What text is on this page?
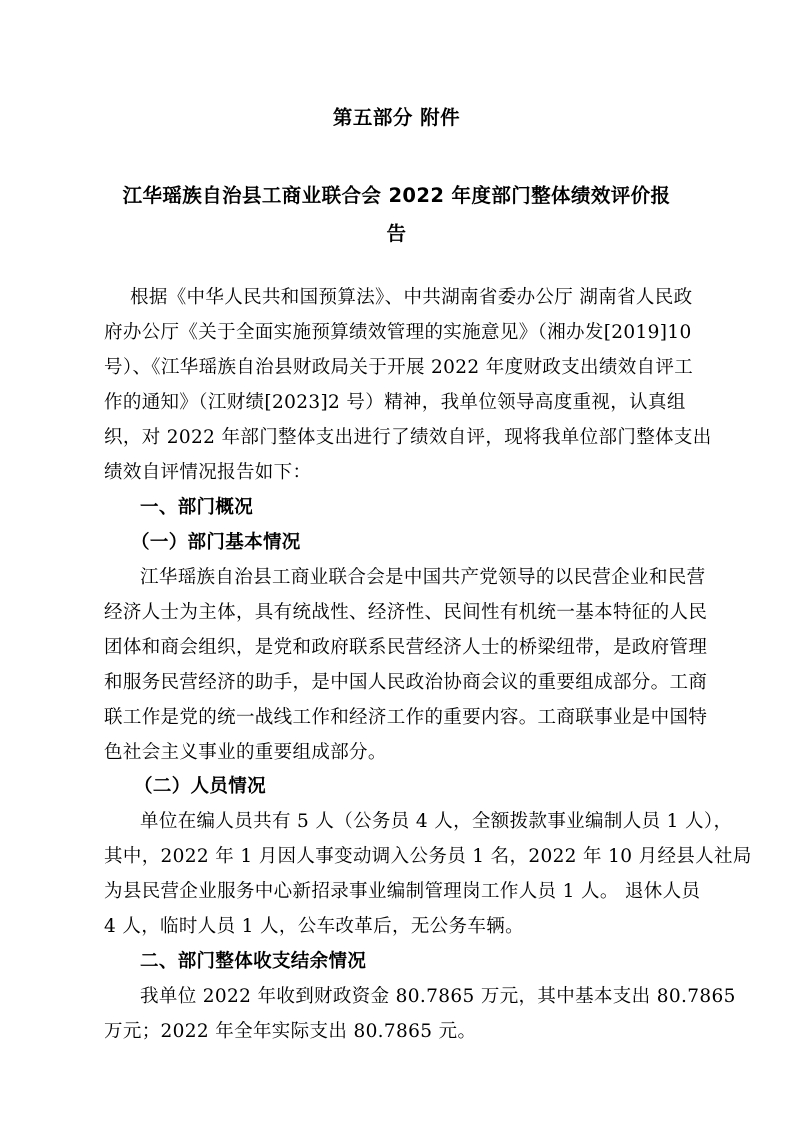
第五部分 附件
江华瑶族自治县工商业联合会 2022 年度部门整体绩效评价报
告
根据《中华人民共和国预算法》、中共湖南省委办公厅 湖南省人民政
府办公厅《关于全面实施预算绩效管理的实施意见》（湘办发[2019]10
号）、《江华瑶族自治县财政局关于开展 2022 年度财政支出绩效自评工
作的通知》（江财绩[2023]2 号）精神，我单位领导高度重视，认真组
织，对 2022 年部门整体支出进行了绩效自评，现将我单位部门整体支出
绩效自评情况报告如下：
一、部门概况
（一）部门基本情况
江华瑶族自治县工商业联合会是中国共产党领导的以民营企业和民营
经济人士为主体，具有统战性、经济性、民间性有机统一基本特征的人民
团体和商会组织，是党和政府联系民营经济人士的桥梁纽带，是政府管理
和服务民营经济的助手，是中国人民政治协商会议的重要组成部分。工商
联工作是党的统一战线工作和经济工作的重要内容。工商联事业是中国特
色社会主义事业的重要组成部分。
（二）人员情况
单位在编人员共有 5 人（公务员 4 人，全额拨款事业编制人员 1 人），
其中，2022 年 1 月因人事变动调入公务员 1 名，2022 年 10 月经县人社局
为县民营企业服务中心新招录事业编制管理岗工作人员 1 人。 退休人员
4 人，临时人员 1 人，公车改革后，无公务车辆。
二、部门整体收支结余情况
我单位 2022 年收到财政资金 80.7865 万元，其中基本支出 80.7865
万元；2022 年全年实际支出 80.7865 元。
